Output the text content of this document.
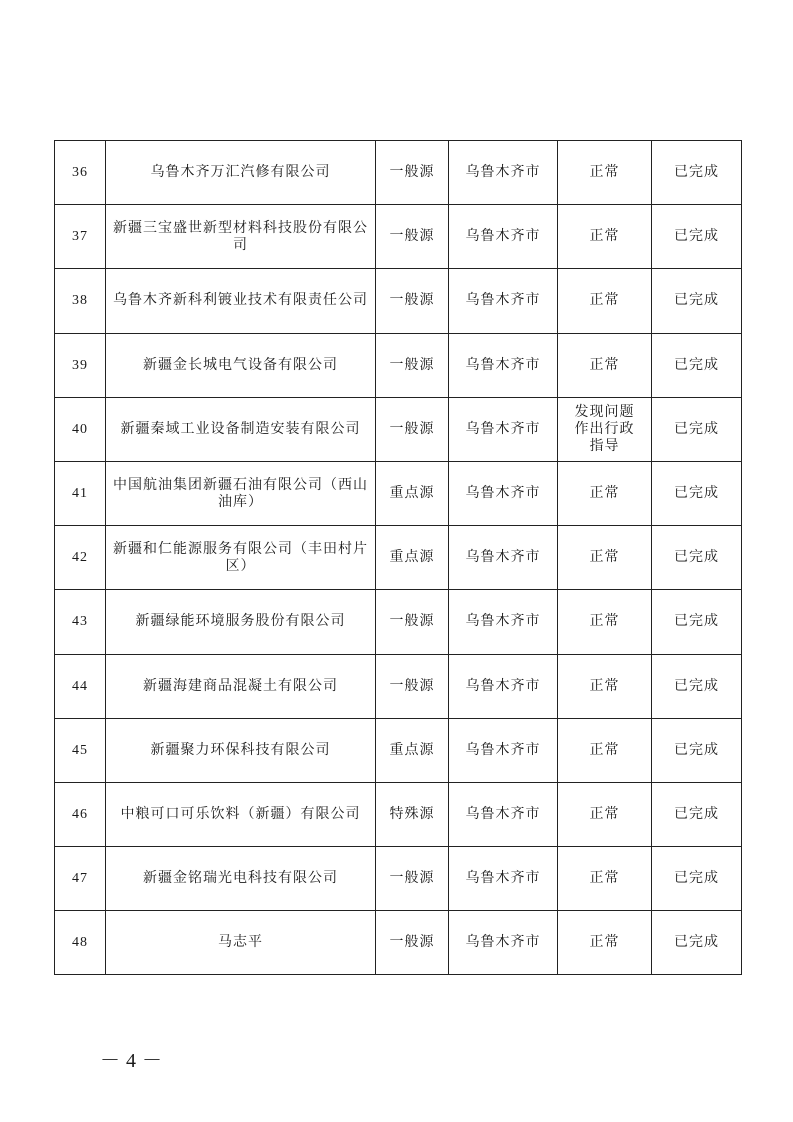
36	乌鲁木齐万汇汽修有限公司	一般源	乌鲁木齐市	正常	已完成
37	新疆三宝盛世新型材料科技股份有限公司	一般源	乌鲁木齐市	正常	已完成
38	乌鲁木齐新科利镀业技术有限责任公司	一般源	乌鲁木齐市	正常	已完成
39	新疆金长城电气设备有限公司	一般源	乌鲁木齐市	正常	已完成
40	新疆秦域工业设备制造安装有限公司	一般源	乌鲁木齐市	发现问题作出行政指导	已完成
41	中国航油集团新疆石油有限公司（西山油库）	重点源	乌鲁木齐市	正常	已完成
42	新疆和仁能源服务有限公司（丰田村片区）	重点源	乌鲁木齐市	正常	已完成
43	新疆绿能环境服务股份有限公司	一般源	乌鲁木齐市	正常	已完成
44	新疆海建商品混凝土有限公司	一般源	乌鲁木齐市	正常	已完成
45	新疆聚力环保科技有限公司	重点源	乌鲁木齐市	正常	已完成
46	中粮可口可乐饮料（新疆）有限公司	特殊源	乌鲁木齐市	正常	已完成
47	新疆金铭瑞光电科技有限公司	一般源	乌鲁木齐市	正常	已完成
48	马志平	一般源	乌鲁木齐市	正常	已完成
－4－
